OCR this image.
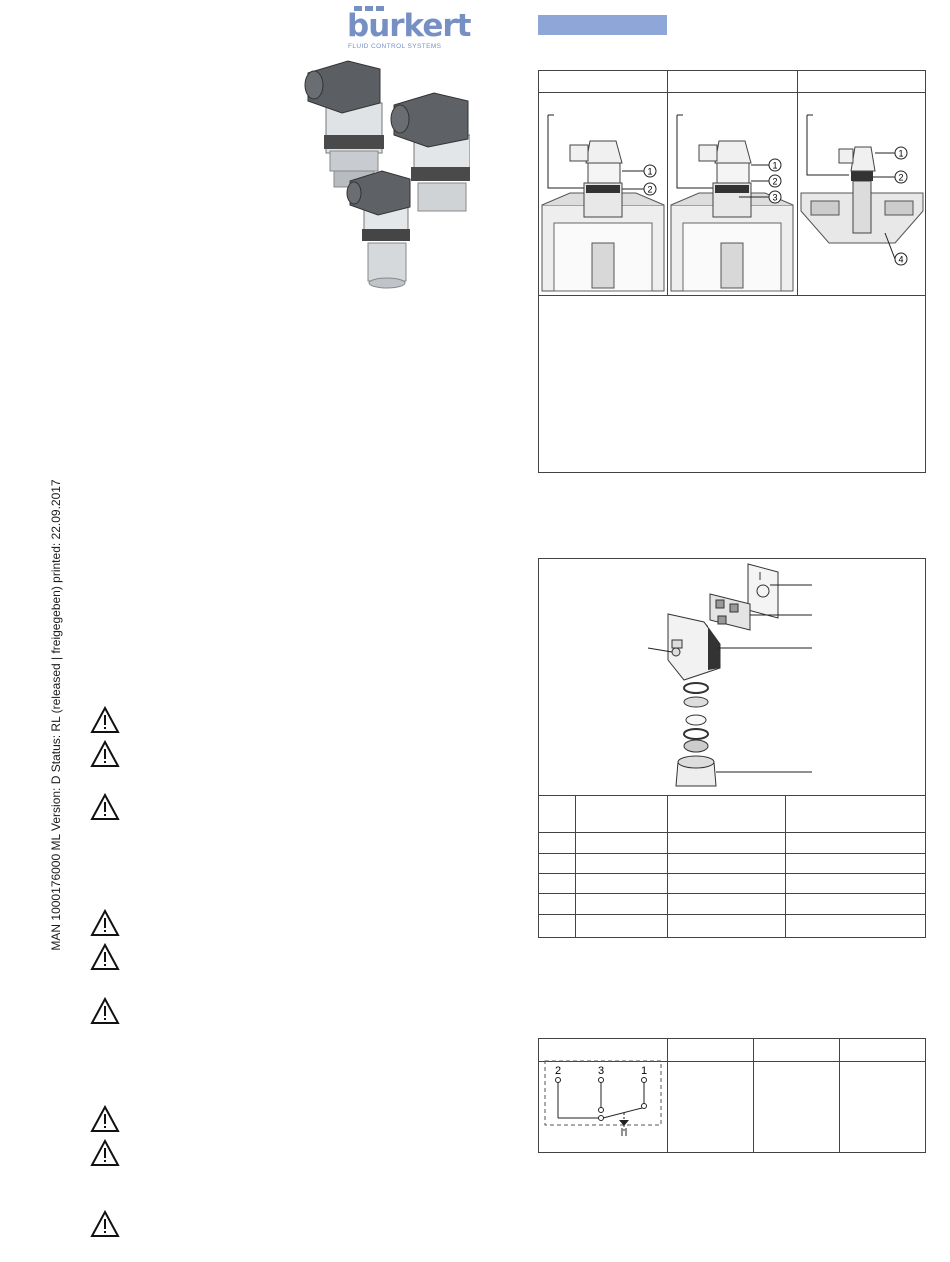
burkert
FLUID CONTROL SYSTEMS
MAN 1000176000 ML Version: D Status: RL (released | freigegeben) printed: 22.09.2017
1
2
1
2
3
1
2
4
2	3	1
